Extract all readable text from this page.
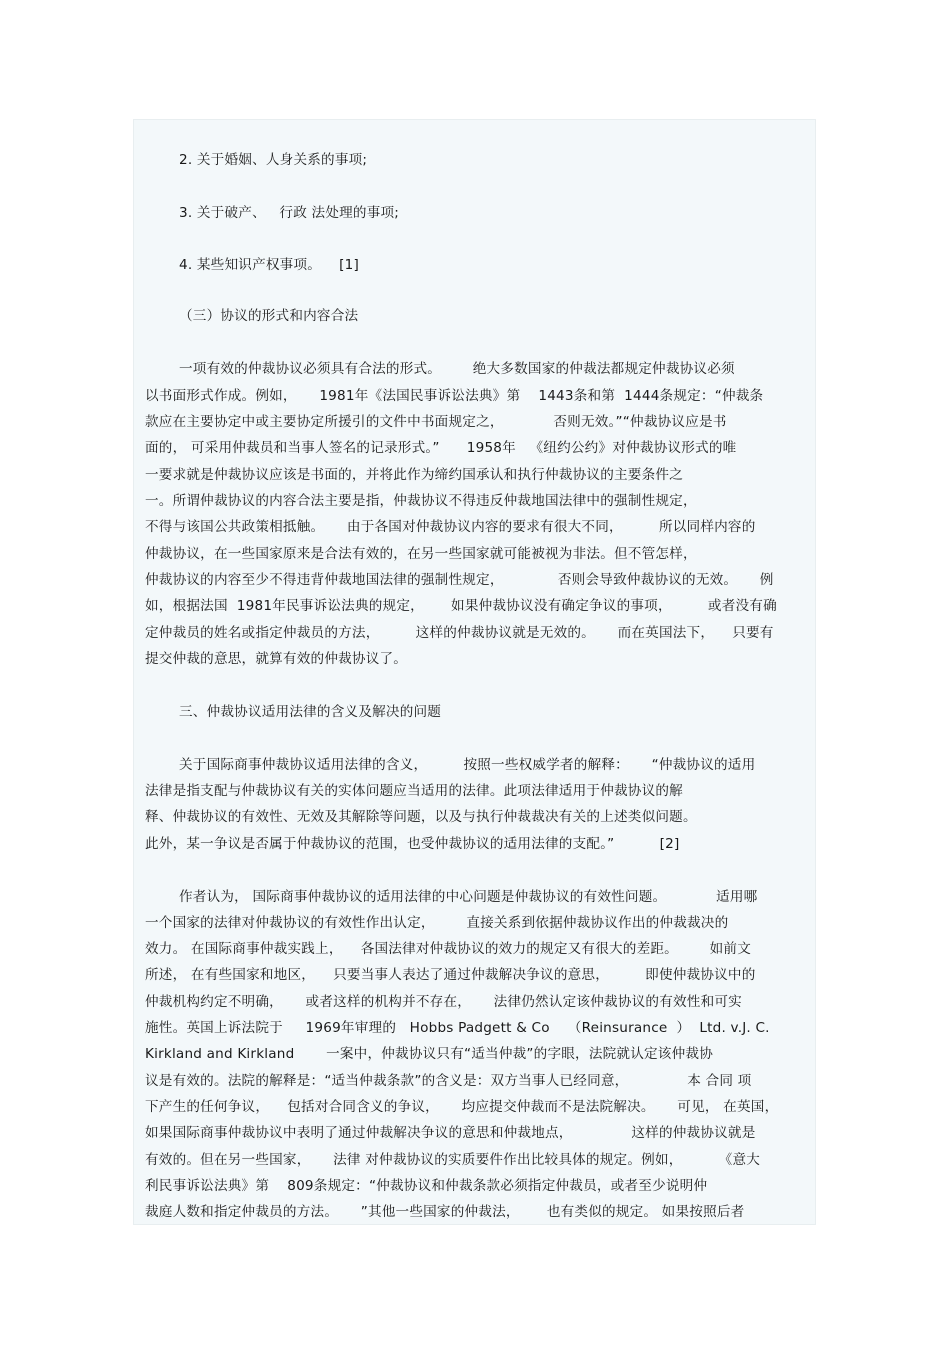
2. 关于婚姻、人身关系的事项;
3. 关于破产、   行政 法处理的事项;
4. 某些知识产权事项。    [1]
（三）协议的形式和内容合法
一项有效的仲裁协议必须具有合法的形式。       绝大多数国家的仲裁法都规定仲裁协议必须
以书面形式作成。例如，     1981年《法国民事诉讼法典》第    1443条和第  1444条规定：“仲裁条
款应在主要协定中或主要协定所援引的文件中书面规定之，           否则无效。”“仲裁协议应是书
面的， 可采用仲裁员和当事人签名的记录形式。”      1958年   《纽约公约》对仲裁协议形式的唯
一要求就是仲裁协议应该是书面的，并将此作为缔约国承认和执行仲裁协议的主要条件之
一。所谓仲裁协议的内容合法主要是指，仲裁协议不得违反仲裁地国法律中的强制性规定，
不得与该国公共政策相抵触。     由于各国对仲裁协议内容的要求有很大不同，        所以同样内容的
仲裁协议，在一些国家原来是合法有效的，在另一些国家就可能被视为非法。但不管怎样，
仲裁协议的内容至少不得违背仲裁地国法律的强制性规定，            否则会导致仲裁协议的无效。     例
如，根据法国  1981年民事诉讼法典的规定，      如果仲裁协议没有确定争议的事项，        或者没有确
定仲裁员的姓名或指定仲裁员的方法，        这样的仲裁协议就是无效的。     而在英国法下，    只要有
提交仲裁的意思，就算有效的仲裁协议了。
三、仲裁协议适用法律的含义及解决的问题
关于国际商事仲裁协议适用法律的含义，        按照一些权威学者的解释：     “仲裁协议的适用
法律是指支配与仲裁协议有关的实体问题应当适用的法律。此项法律适用于仲裁协议的解
释、仲裁协议的有效性、无效及其解除等问题，以及与执行仲裁裁决有关的上述类似问题。
此外，某一争议是否属于仲裁协议的范围，也受仲裁协议的适用法律的支配。”          [2]
作者认为， 国际商事仲裁协议的适用法律的中心问题是仲裁协议的有效性问题。           适用哪
一个国家的法律对仲裁协议的有效性作出认定，       直接关系到依据仲裁协议作出的仲裁裁决的
效力。 在国际商事仲裁实践上，    各国法律对仲裁协议的效力的规定又有很大的差距。       如前文
所述， 在有些国家和地区，    只要当事人表达了通过仲裁解决争议的意思，        即使仲裁协议中的
仲裁机构约定不明确，     或者这样的机构并不存在，     法律仍然认定该仲裁协议的有效性和可实
施性。英国上诉法院于     1969年审理的   Hobbs Padgett & Co    （Reinsurance  ）  Ltd. v.J. C.
Kirkland and Kirkland       一案中，仲裁协议只有“适当仲裁”的字眼，法院就认定该仲裁协
议是有效的。法院的解释是：“适当仲裁条款”的含义是：双方当事人已经同意，             本 合同 项
下产生的任何争议，    包括对合同含义的争议，     均应提交仲裁而不是法院解决。     可见， 在英国，
如果国际商事仲裁协议中表明了通过仲裁解决争议的意思和仲裁地点，             这样的仲裁协议就是
有效的。但在另一些国家，     法律 对仲裁协议的实质要件作出比较具体的规定。例如，        《意大
利民事诉讼法典》第    809条规定：“仲裁协议和仲裁条款必须指定仲裁员，或者至少说明仲
裁庭人数和指定仲裁员的方法。     ”其他一些国家的仲裁法，      也有类似的规定。 如果按照后者
